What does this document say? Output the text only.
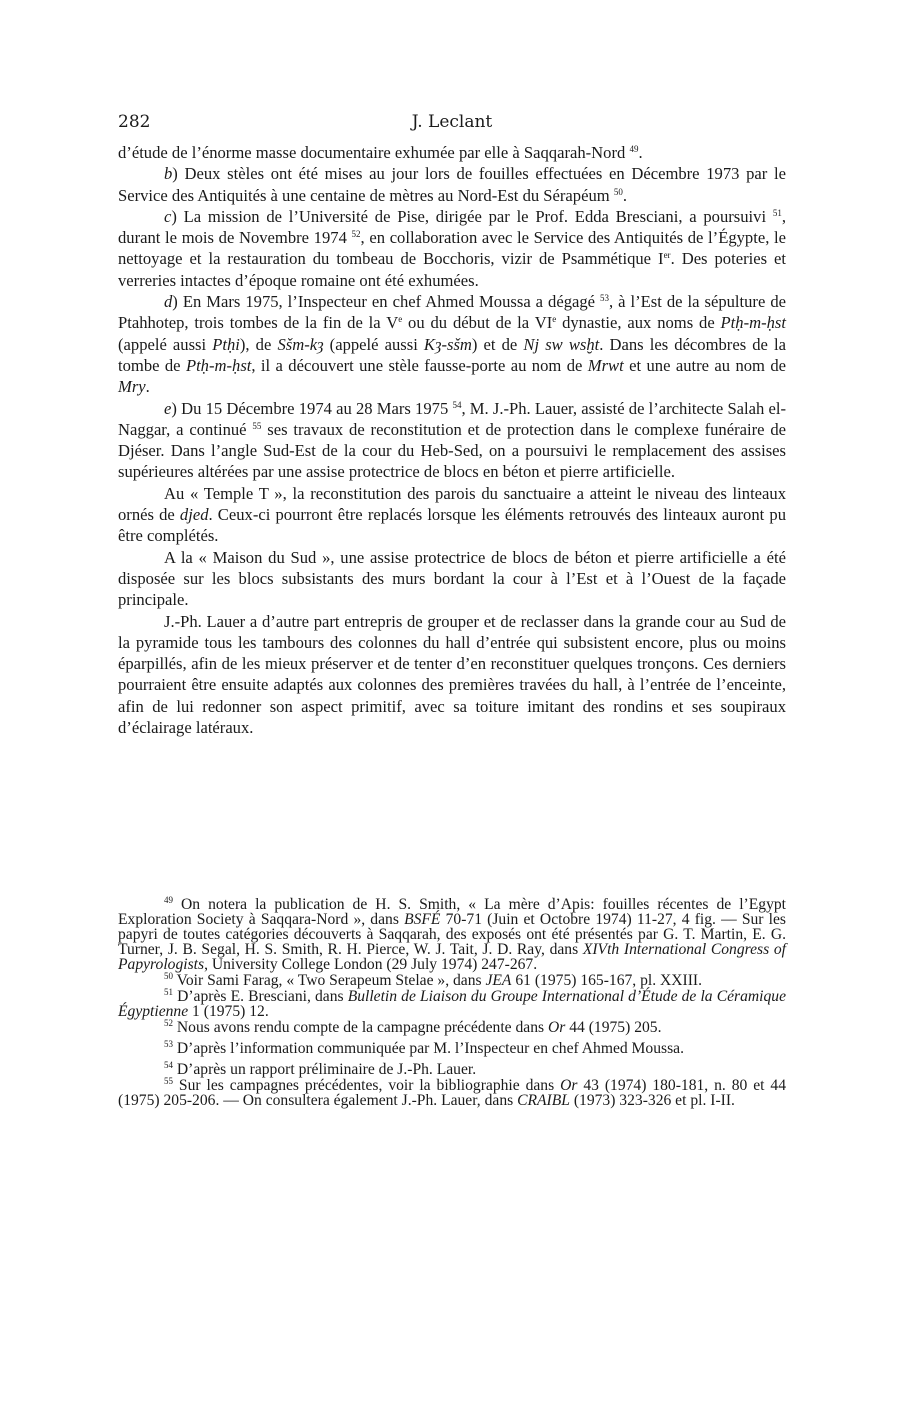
282	J. Leclant

d’étude de l’énorme masse documentaire exhumée par elle à Saqqarah-Nord $^{49}$.

b) Deux stèles ont été mises au jour lors de fouilles effectuées en Décembre 1973 par le Service des Antiquités à une centaine de mètres au Nord-Est du Sérapéum $^{50}$.

c) La mission de l’Université de Pise, dirigée par le Prof. Edda Bresciani, a poursuivi $^{51}$, durant le mois de Novembre 1974 $^{52}$, en collaboration avec le Service des Antiquités de l’Égypte, le nettoyage et la restauration du tombeau de Bocchoris, vizir de Psammétique Ier. Des poteries et verreries intactes d’époque romaine ont été exhumées.

d) En Mars 1975, l’Inspecteur en chef Ahmed Moussa a dégagé $^{53}$, à l’Est de la sépulture de Ptahhotep, trois tombes de la fin de la Ve ou du début de la VIe dynastie, aux noms de Ptḥ-m-ḥst (appelé aussi Ptḥi), de Sšm-kȝ (appelé aussi Kȝ-sšm) et de Nj sw wsḫt. Dans les décombres de la tombe de Ptḥ-m-ḥst, il a découvert une stèle fausse-porte au nom de Mrwt et une autre au nom de Mry.

e) Du 15 Décembre 1974 au 28 Mars 1975 $^{54}$, M. J.-Ph. Lauer, assisté de l’architecte Salah el-Naggar, a continué $^{55}$ ses travaux de reconstitution et de protection dans le complexe funéraire de Djéser. Dans l’angle Sud-Est de la cour du Heb-Sed, on a poursuivi le remplacement des assises supérieures altérées par une assise protectrice de blocs en béton et pierre artificielle.

Au « Temple T », la reconstitution des parois du sanctuaire a atteint le niveau des linteaux ornés de djed. Ceux-ci pourront être replacés lorsque les éléments retrouvés des linteaux auront pu être complétés.

A la « Maison du Sud », une assise protectrice de blocs de béton et pierre artificielle a été disposée sur les blocs subsistants des murs bordant la cour à l’Est et à l’Ouest de la façade principale.

J.-Ph. Lauer a d’autre part entrepris de grouper et de reclasser dans la grande cour au Sud de la pyramide tous les tambours des colonnes du hall d’entrée qui subsistent encore, plus ou moins éparpillés, afin de les mieux préserver et de tenter d’en reconstituer quelques tronçons. Ces derniers pourraient être ensuite adaptés aux colonnes des premières travées du hall, à l’entrée de l’enceinte, afin de lui redonner son aspect primitif, avec sa toiture imitant des rondins et ses soupiraux d’éclairage latéraux.

$^{49}$ On notera la publication de H. S. Smith, « La mère d’Apis: fouilles récentes de l’Egypt Exploration Society à Saqqara-Nord », dans BSFÉ 70-71 (Juin et Octobre 1974) 11-27, 4 fig. — Sur les papyri de toutes catégories découverts à Saqqarah, des exposés ont été présentés par G. T. Martin, E. G. Turner, J. B. Segal, H. S. Smith, R. H. Pierce, W. J. Tait, J. D. Ray, dans XIVth International Congress of Papyrologists, University College London (29 July 1974) 247-267.

$^{50}$ Voir Sami Farag, « Two Serapeum Stelae », dans JEA 61 (1975) 165-167, pl. XXIII.

$^{51}$ D’après E. Bresciani, dans Bulletin de Liaison du Groupe International d’Étude de la Céramique Égyptienne 1 (1975) 12.

$^{52}$ Nous avons rendu compte de la campagne précédente dans Or 44 (1975) 205.

$^{53}$ D’après l’information communiquée par M. l’Inspecteur en chef Ahmed Moussa.

$^{54}$ D’après un rapport préliminaire de J.-Ph. Lauer.

$^{55}$ Sur les campagnes précédentes, voir la bibliographie dans Or 43 (1974) 180-181, n. 80 et 44 (1975) 205-206. — On consultera également J.-Ph. Lauer, dans CRAIBL (1973) 323-326 et pl. I-II.
